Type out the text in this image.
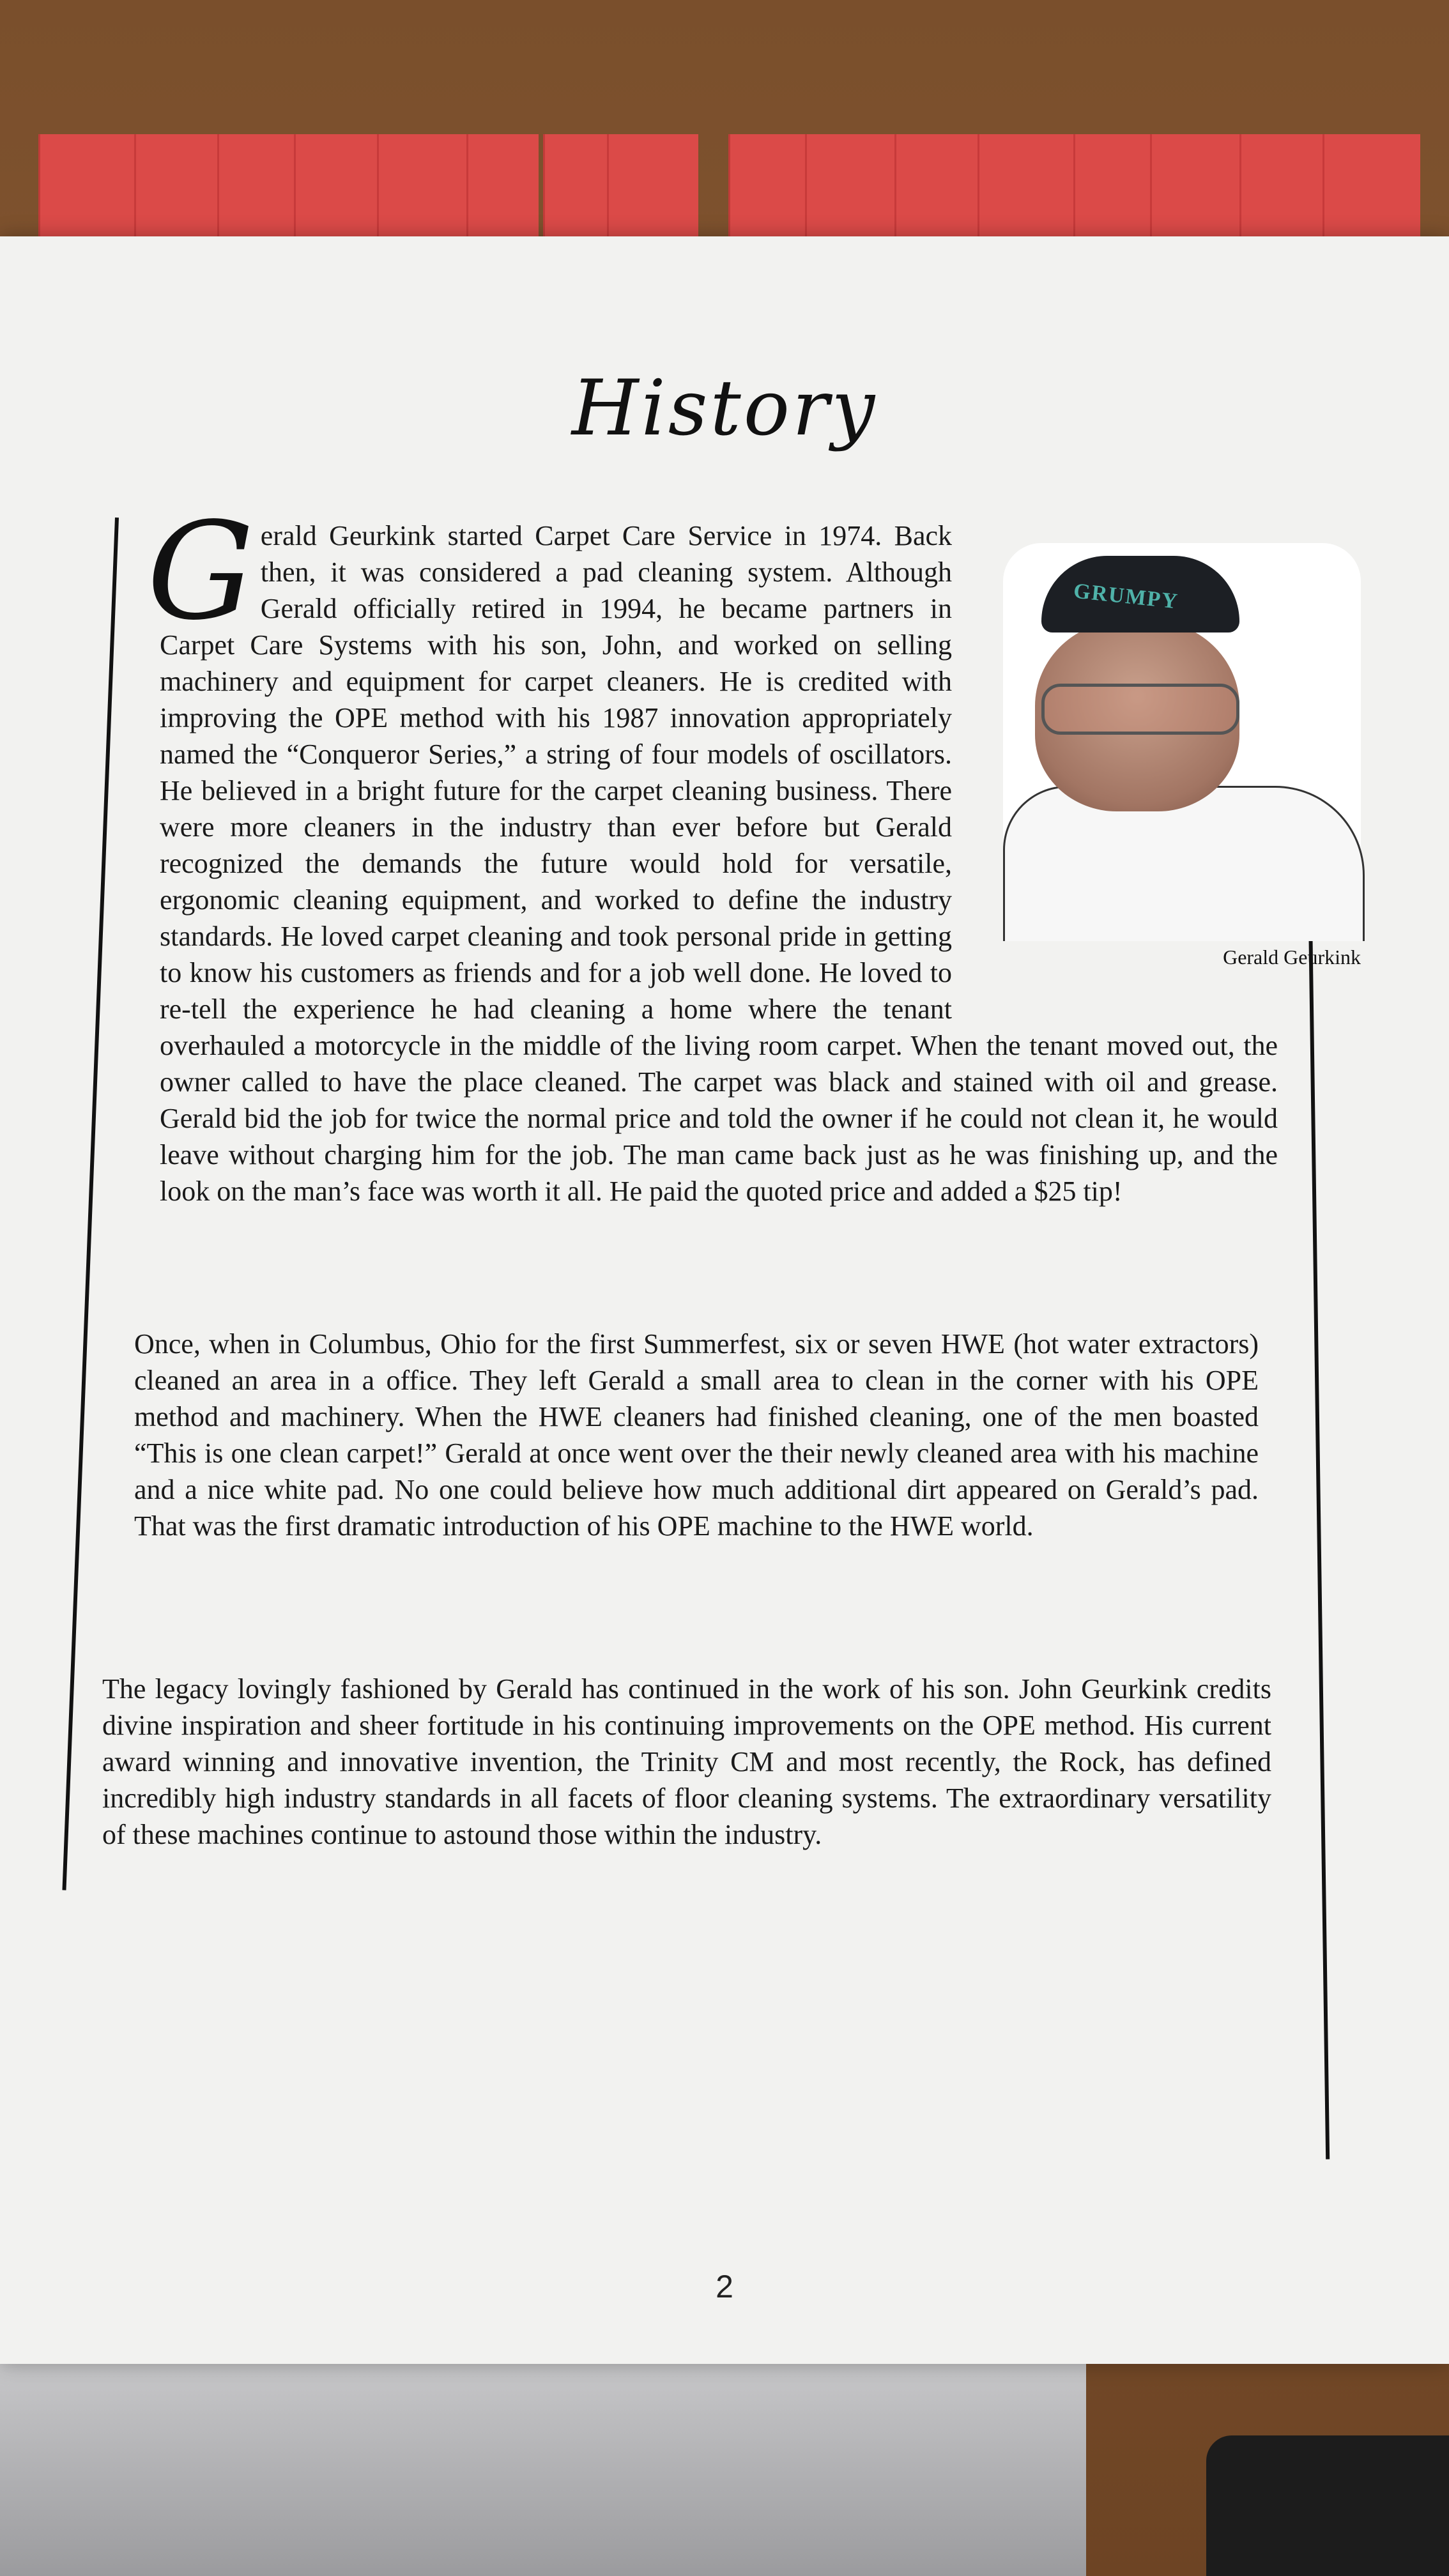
History
GRUMPY
Gerald Geurkink
G erald Geurkink started Carpet Care Service in 1974. Back then, it was considered a pad cleaning system. Although Gerald officially retired in 1994, he became partners in Carpet Care Systems with his son, John, and worked on selling machinery and equipment for carpet cleaners. He is credited with improving the OPE method with his 1987 innovation appropriately named the “Conqueror Series,” a string of four models of oscillators. He believed in a bright future for the carpet cleaning business. There were more cleaners in the industry than ever before but Gerald recognized the demands the future would hold for versatile, ergonomic cleaning equipment, and worked to define the industry standards. He loved carpet cleaning and took personal pride in getting to know his customers as friends and for a job well done. He loved to re-tell the experience he had cleaning a home where the tenant overhauled a motorcycle in the middle of the living room carpet. When the tenant moved out, the owner called to have the place cleaned. The carpet was black and stained with oil and grease. Gerald bid the job for twice the normal price and told the owner if he could not clean it, he would leave without charging him for the job. The man came back just as he was finishing up, and the look on the man’s face was worth it all. He paid the quoted price and added a $25 tip!
Once, when in Columbus, Ohio for the first Summerfest, six or seven HWE (hot water extractors) cleaned an area in a office. They left Gerald a small area to clean in the corner with his OPE method and machinery. When the HWE cleaners had finished cleaning, one of the men boasted “This is one clean carpet!” Gerald at once went over the their newly cleaned area with his machine and a nice white pad. No one could believe how much additional dirt appeared on Gerald’s pad. That was the first dramatic introduction of his OPE machine to the HWE world.
The legacy lovingly fashioned by Gerald has continued in the work of his son. John Geurkink credits divine inspiration and sheer fortitude in his continuing improvements on the OPE method. His current award winning and innovative invention, the Trinity CM and most recently, the Rock, has defined incredibly high industry standards in all facets of floor cleaning systems. The extraordinary versatility of these machines continue to astound those within the industry.
2
